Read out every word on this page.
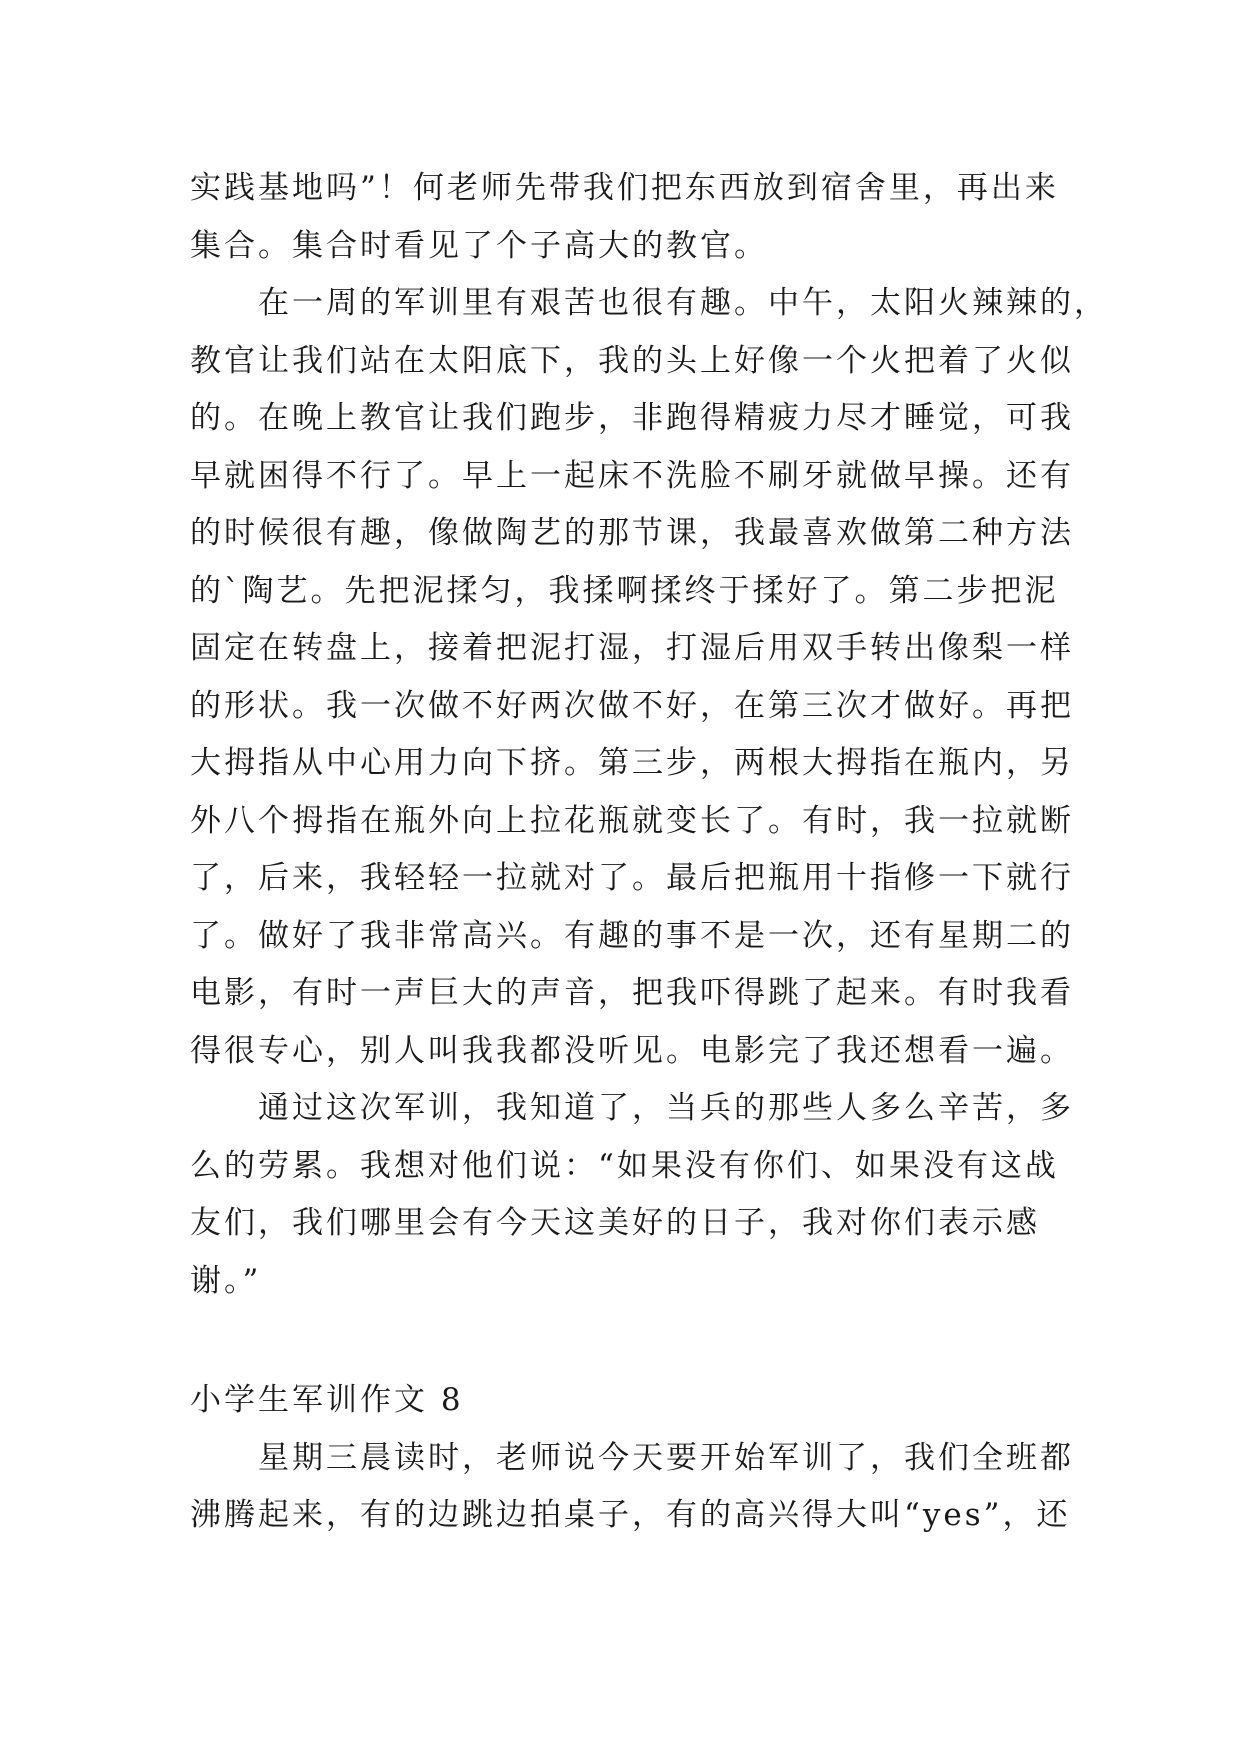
实践基地吗”！何老师先带我们把东西放到宿舍里，再出来
集合。集合时看见了个子高大的教官。
在一周的军训里有艰苦也很有趣。中午，太阳火辣辣的，
教官让我们站在太阳底下，我的头上好像一个火把着了火似
的。在晚上教官让我们跑步，非跑得精疲力尽才睡觉，可我
早就困得不行了。早上一起床不洗脸不刷牙就做早操。还有
的时候很有趣，像做陶艺的那节课，我最喜欢做第二种方法
的`陶艺。先把泥揉匀，我揉啊揉终于揉好了。第二步把泥
固定在转盘上，接着把泥打湿，打湿后用双手转出像梨一样
的形状。我一次做不好两次做不好，在第三次才做好。再把
大拇指从中心用力向下挤。第三步，两根大拇指在瓶内，另
外八个拇指在瓶外向上拉花瓶就变长了。有时，我一拉就断
了，后来，我轻轻一拉就对了。最后把瓶用十指修一下就行
了。做好了我非常高兴。有趣的事不是一次，还有星期二的
电影，有时一声巨大的声音，把我吓得跳了起来。有时我看
得很专心，别人叫我我都没听见。电影完了我还想看一遍。
通过这次军训，我知道了，当兵的那些人多么辛苦，多
么的劳累。我想对他们说：“如果没有你们、如果没有这战
友们，我们哪里会有今天这美好的日子，我对你们表示感
谢。”
小学生军训作文 8
星期三晨读时，老师说今天要开始军训了，我们全班都
沸腾起来，有的边跳边拍桌子，有的高兴得大叫“yes”，还
